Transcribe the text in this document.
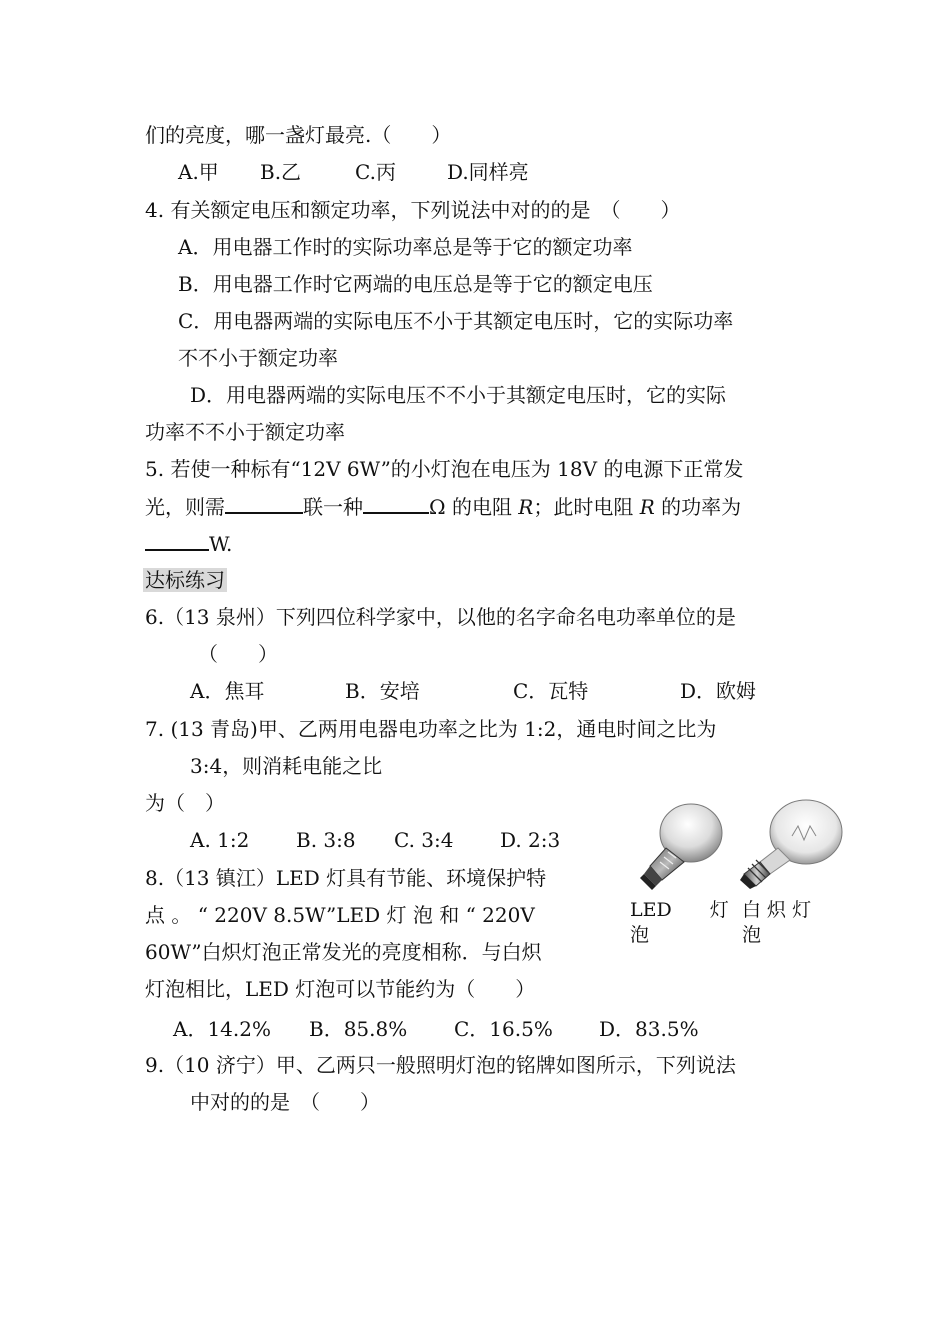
们的亮度，哪一盏灯最亮.（　　）
A.甲 B.乙	C.丙	D.同样亮
4. 有关额定电压和额定功率，下列说法中对的的是　（　　）
A．用电器工作时的实际功率总是等于它的额定功率
B．用电器工作时它两端的电压总是等于它的额定电压
C．用电器两端的实际电压不小于其额定电压时，它的实际功率
不不小于额定功率
D．用电器两端的实际电压不不小于其额定电压时，它的实际
功率不不小于额定功率
5. 若使一种标有“12V 6W”的小灯泡在电压为 18V 的电源下正常发
光，则需	联一种	Ω 的电阻 R；此时电阻 R 的功率为
W.
达标练习
6.（13 泉州）下列四位科学家中，以他的名字命名电功率单位的是
（　　）
A．焦耳	B．安培	C．瓦特	D．欧姆
7. (13 青岛)甲、乙两用电器电功率之比为 1:2，通电时间之比为
3:4，则消耗电能之比
为（　）
A. 1:2 B. 3:8 C. 3:4 D. 2:3
8.（13 镇江）LED 灯具有节能、环境保护特
点 。 “ 220V 8.5W”LED 灯 泡 和 “ 220V
60W”白炽灯泡正常发光的亮度相称．与白炽
灯泡相比，LED 灯泡可以节能约为（　　）
A．14.2% B．85.8% C．16.5% D．83.5%
9.（10 济宁）甲、乙两只一般照明灯泡的铭牌如图所示，下列说法
中对的的是　（　　）
LED　　灯
泡
白 炽 灯
泡
